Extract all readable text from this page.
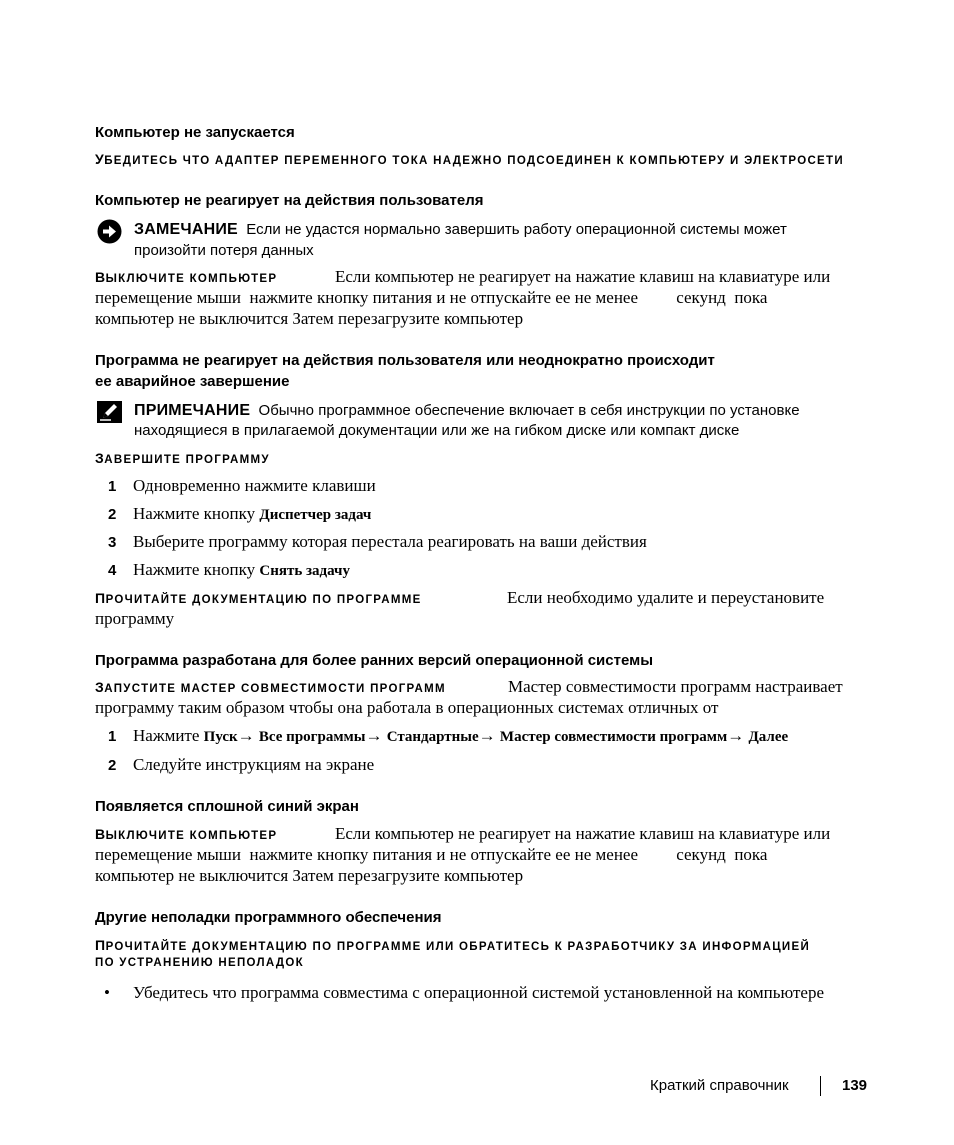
Компьютер не запускается
УБЕДИТЕСЬ ЧТО АДАПТЕР ПЕРЕМЕННОГО ТОКА НАДЕЖНО ПОДСОЕДИНЕН К КОМПЬЮТЕРУ И ЭЛЕКТРОСЕТИ
Компьютер не реагирует на действия пользователя
ЗАМЕЧАНИЕ Если не удастся нормально завершить работу операционной системы может
произойти потеря данных
ВЫКЛЮЧИТЕ КОМПЬЮТЕР	Если компьютер не реагирует на нажатие клавиш на клавиатуре или
перемещение мыши  нажмите кнопку питания и не отпускайте ее не менее         секунд  пока
компьютер не выключится Затем перезагрузите компьютер
Программа не реагирует на действия пользователя или неоднократно происходит
ее аварийное завершение
ПРИМЕЧАНИЕ Обычно программное обеспечение включает в себя инструкции по установке
находящиеся в прилагаемой документации или же на гибком диске или компакт диске
ЗАВЕРШИТЕ ПРОГРАММУ
1 Одновременно нажмите клавиши
2 Нажмите кнопку Диспетчер задач
3 Выберите программу которая перестала реагировать на ваши действия
4 Нажмите кнопку Снять задачу
ПРОЧИТАЙТЕ ДОКУМЕНТАЦИЮ ПО ПРОГРАММЕ	Если необходимо удалите и переустановите
программу
Программа разработана для более ранних версий операционной системы
ЗАПУСТИТЕ МАСТЕР СОВМЕСТИМОСТИ ПРОГРАММ	Мастер совместимости программ настраивает
программу таким образом чтобы она работала в операционных системах отличных от
1 Нажмите Пуск→ Все программы→ Стандартные→ Мастер совместимости программ→ Далее
2 Следуйте инструкциям на экране
Появляется сплошной синий экран
ВЫКЛЮЧИТЕ КОМПЬЮТЕР	Если компьютер не реагирует на нажатие клавиш на клавиатуре или
перемещение мыши  нажмите кнопку питания и не отпускайте ее не менее         секунд  пока
компьютер не выключится Затем перезагрузите компьютер
Другие неполадки программного обеспечения
ПРОЧИТАЙТЕ ДОКУМЕНТАЦИЮ ПО ПРОГРАММЕ ИЛИ ОБРАТИТЕСЬ К РАЗРАБОТЧИКУ ЗА ИНФОРМАЦИЕЙ
ПО УСТРАНЕНИЮ НЕПОЛАДОК
• Убедитесь что программа совместима с операционной системой установленной на компьютере
Краткий справочник	139
